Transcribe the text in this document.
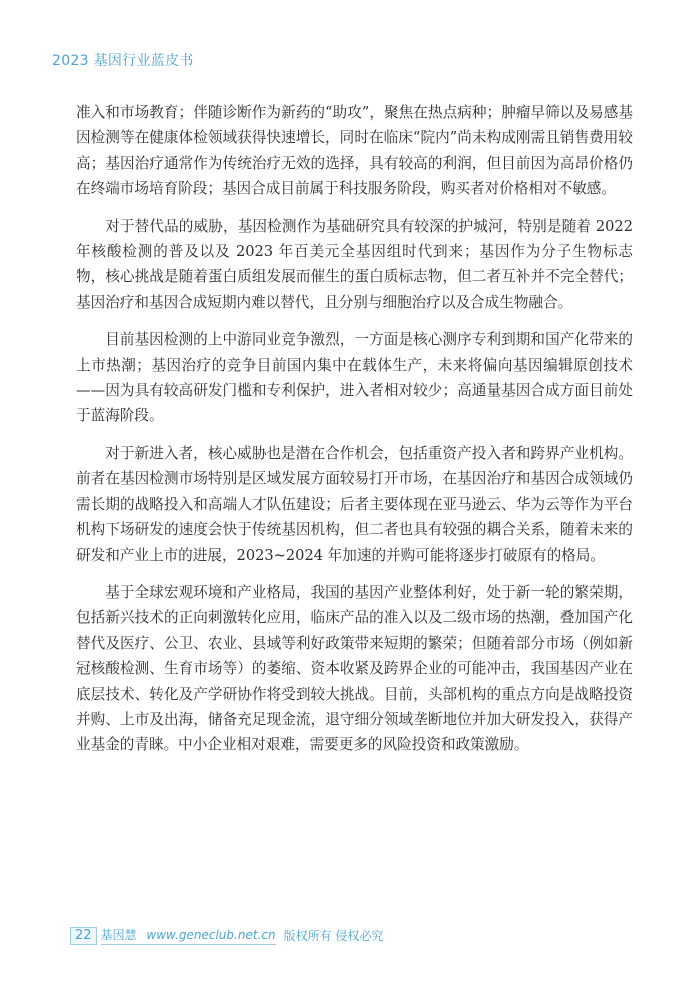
2023 基因行业蓝皮书

准入和市场教育；伴随诊断作为新药的“助攻”，聚焦在热点病种；肿瘤早筛以及易感基因检测等在健康体检领域获得快速增长，同时在临床“院内”尚未构成刚需且销售费用较高；基因治疗通常作为传统治疗无效的选择，具有较高的利润，但目前因为高昂价格仍在终端市场培育阶段；基因合成目前属于科技服务阶段，购买者对价格相对不敏感。

对于替代品的威胁，基因检测作为基础研究具有较深的护城河，特别是随着 2022 年核酸检测的普及以及 2023 年百美元全基因组时代到来；基因作为分子生物标志物，核心挑战是随着蛋白质组发展而催生的蛋白质标志物，但二者互补并不完全替代；基因治疗和基因合成短期内难以替代，且分别与细胞治疗以及合成生物融合。

目前基因检测的上中游同业竞争激烈，一方面是核心测序专利到期和国产化带来的上市热潮；基因治疗的竞争目前国内集中在载体生产，未来将偏向基因编辑原创技术——因为具有较高研发门槛和专利保护，进入者相对较少；高通量基因合成方面目前处于蓝海阶段。

对于新进入者，核心威胁也是潜在合作机会，包括重资产投入者和跨界产业机构。前者在基因检测市场特别是区域发展方面较易打开市场，在基因治疗和基因合成领域仍需长期的战略投入和高端人才队伍建设；后者主要体现在亚马逊云、华为云等作为平台机构下场研发的速度会快于传统基因机构，但二者也具有较强的耦合关系，随着未来的研发和产业上市的进展，2023~2024 年加速的并购可能将逐步打破原有的格局。

基于全球宏观环境和产业格局，我国的基因产业整体利好，处于新一轮的繁荣期，包括新兴技术的正向刺激转化应用，临床产品的准入以及二级市场的热潮，叠加国产化替代及医疗、公卫、农业、县域等利好政策带来短期的繁荣；但随着部分市场（例如新冠核酸检测、生育市场等）的萎缩、资本收紧及跨界企业的可能冲击，我国基因产业在底层技术、转化及产学研协作将受到较大挑战。目前，头部机构的重点方向是战略投资并购、上市及出海，储备充足现金流，退守细分领域垄断地位并加大研发投入，获得产业基金的青睐。中小企业相对艰难，需要更多的风险投资和政策激励。

22 基因慧 www.geneclub.net.cn 版权所有 侵权必究
